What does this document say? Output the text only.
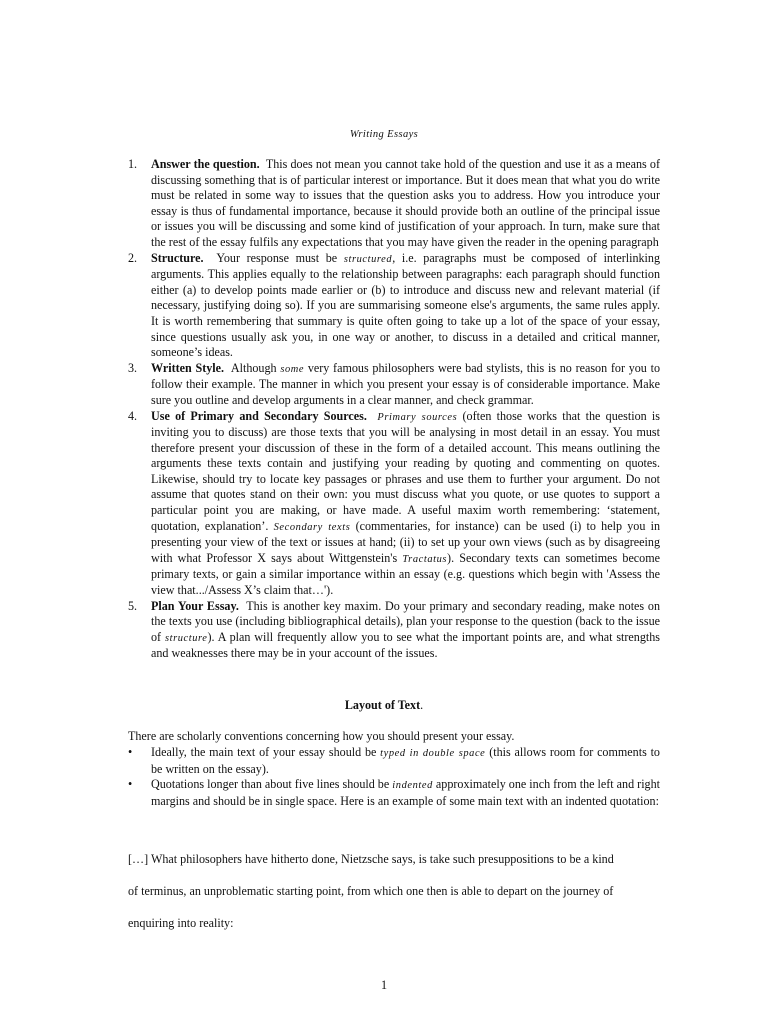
Writing Essays
1. Answer the question. This does not mean you cannot take hold of the question and use it as a means of discussing something that is of particular interest or importance. But it does mean that what you do write must be related in some way to issues that the question asks you to address. How you introduce your essay is thus of fundamental importance, because it should provide both an outline of the principal issue or issues you will be discussing and some kind of justification of your approach. In turn, make sure that the rest of the essay fulfils any expectations that you may have given the reader in the opening paragraph
2. Structure. Your response must be structured, i.e. paragraphs must be composed of interlinking arguments. This applies equally to the relationship between paragraphs: each paragraph should function either (a) to develop points made earlier or (b) to introduce and discuss new and relevant material (if necessary, justifying doing so). If you are summarising someone else's arguments, the same rules apply. It is worth remembering that summary is quite often going to take up a lot of the space of your essay, since questions usually ask you, in one way or another, to discuss in a detailed and critical manner, someone’s ideas.
3. Written Style. Although some very famous philosophers were bad stylists, this is no reason for you to follow their example. The manner in which you present your essay is of considerable importance. Make sure you outline and develop arguments in a clear manner, and check grammar.
4. Use of Primary and Secondary Sources. Primary sources (often those works that the question is inviting you to discuss) are those texts that you will be analysing in most detail in an essay. You must therefore present your discussion of these in the form of a detailed account. This means outlining the arguments these texts contain and justifying your reading by quoting and commenting on quotes. Likewise, should try to locate key passages or phrases and use them to further your argument. Do not assume that quotes stand on their own: you must discuss what you quote, or use quotes to support a particular point you are making, or have made. A useful maxim worth remembering: ‘statement, quotation, explanation’. Secondary texts (commentaries, for instance) can be used (i) to help you in presenting your view of the text or issues at hand; (ii) to set up your own views (such as by disagreeing with what Professor X says about Wittgenstein's Tractatus). Secondary texts can sometimes become primary texts, or gain a similar importance within an essay (e.g. questions which begin with 'Assess the view that.../Assess X’s claim that…').
5. Plan Your Essay. This is another key maxim. Do your primary and secondary reading, make notes on the texts you use (including bibliographical details), plan your response to the question (back to the issue of structure). A plan will frequently allow you to see what the important points are, and what strengths and weaknesses there may be in your account of the issues.
Layout of Text.
There are scholarly conventions concerning how you should present your essay.
• Ideally, the main text of your essay should be typed in double space (this allows room for comments to be written on the essay).
• Quotations longer than about five lines should be indented approximately one inch from the left and right margins and should be in single space. Here is an example of some main text with an indented quotation:
[…] What philosophers have hitherto done, Nietzsche says, is take such presuppositions to be a kind
of terminus, an unproblematic starting point, from which one then is able to depart on the journey of
enquiring into reality:
1
